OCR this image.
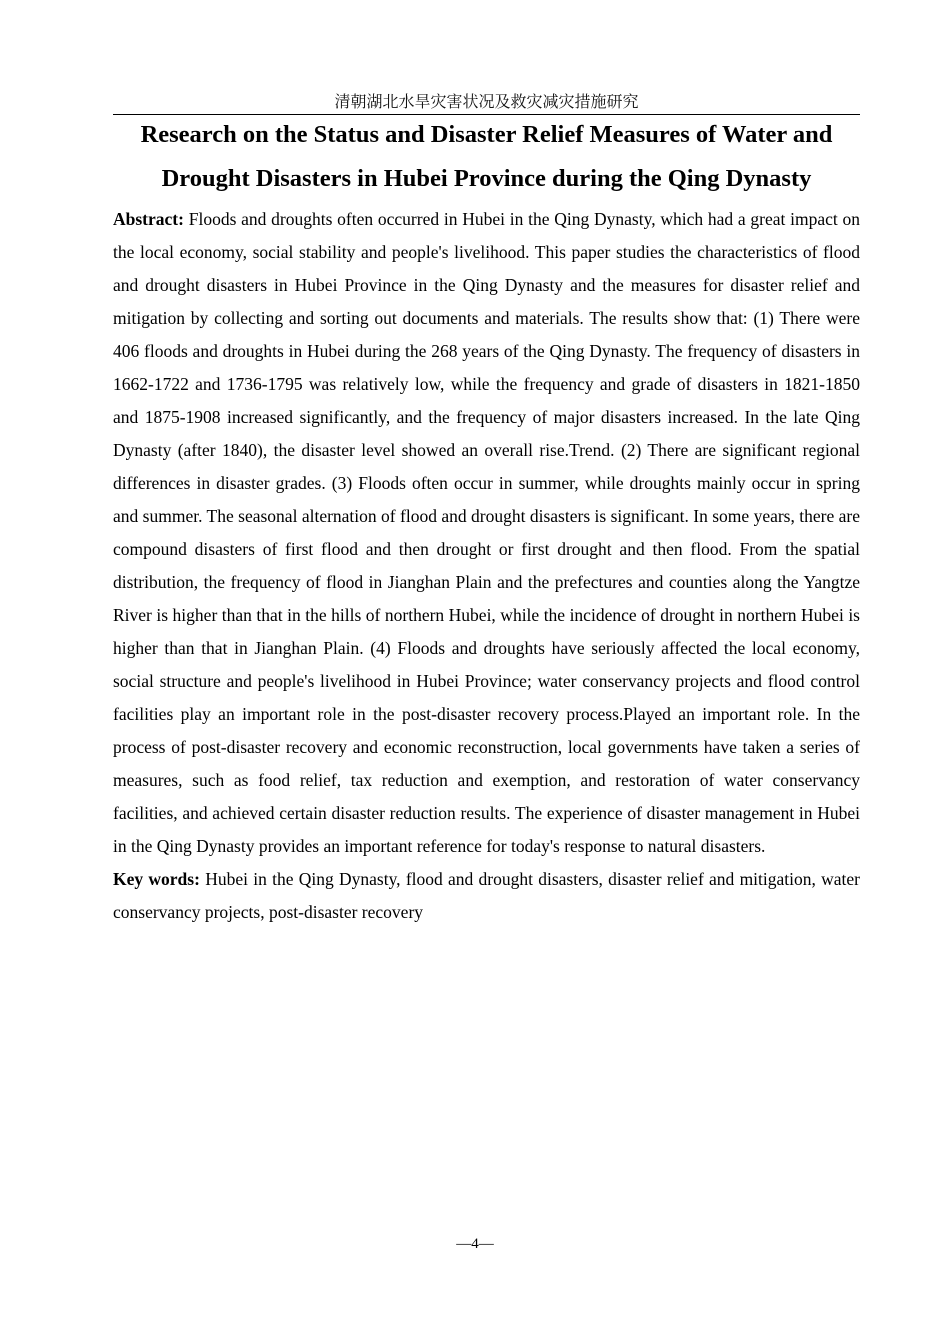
清朝湖北水旱灾害状况及救灾减灾措施研究
Research on the Status and Disaster Relief Measures of Water and Drought Disasters in Hubei Province during the Qing Dynasty

Abstract: Floods and droughts often occurred in Hubei in the Qing Dynasty, which had a great impact on the local economy, social stability and people's livelihood. This paper studies the characteristics of flood and drought disasters in Hubei Province in the Qing Dynasty and the measures for disaster relief and mitigation by collecting and sorting out documents and materials. The results show that: (1) There were 406 floods and droughts in Hubei during the 268 years of the Qing Dynasty. The frequency of disasters in 1662-1722 and 1736-1795 was relatively low, while the frequency and grade of disasters in 1821-1850 and 1875-1908 increased significantly, and the frequency of major disasters increased. In the late Qing Dynasty (after 1840), the disaster level showed an overall rise.Trend. (2) There are significant regional differences in disaster grades. (3) Floods often occur in summer, while droughts mainly occur in spring and summer. The seasonal alternation of flood and drought disasters is significant. In some years, there are compound disasters of first flood and then drought or first drought and then flood. From the spatial distribution, the frequency of flood in Jianghan Plain and the prefectures and counties along the Yangtze River is higher than that in the hills of northern Hubei, while the incidence of drought in northern Hubei is higher than that in Jianghan Plain. (4) Floods and droughts have seriously affected the local economy, social structure and people's livelihood in Hubei Province; water conservancy projects and flood control facilities play an important role in the post-disaster recovery process.Played an important role. In the process of post-disaster recovery and economic reconstruction, local governments have taken a series of measures, such as food relief, tax reduction and exemption, and restoration of water conservancy facilities, and achieved certain disaster reduction results. The experience of disaster management in Hubei in the Qing Dynasty provides an important reference for today's response to natural disasters.

Key words: Hubei in the Qing Dynasty, flood and drought disasters, disaster relief and mitigation, water conservancy projects, post-disaster recovery

—4—
